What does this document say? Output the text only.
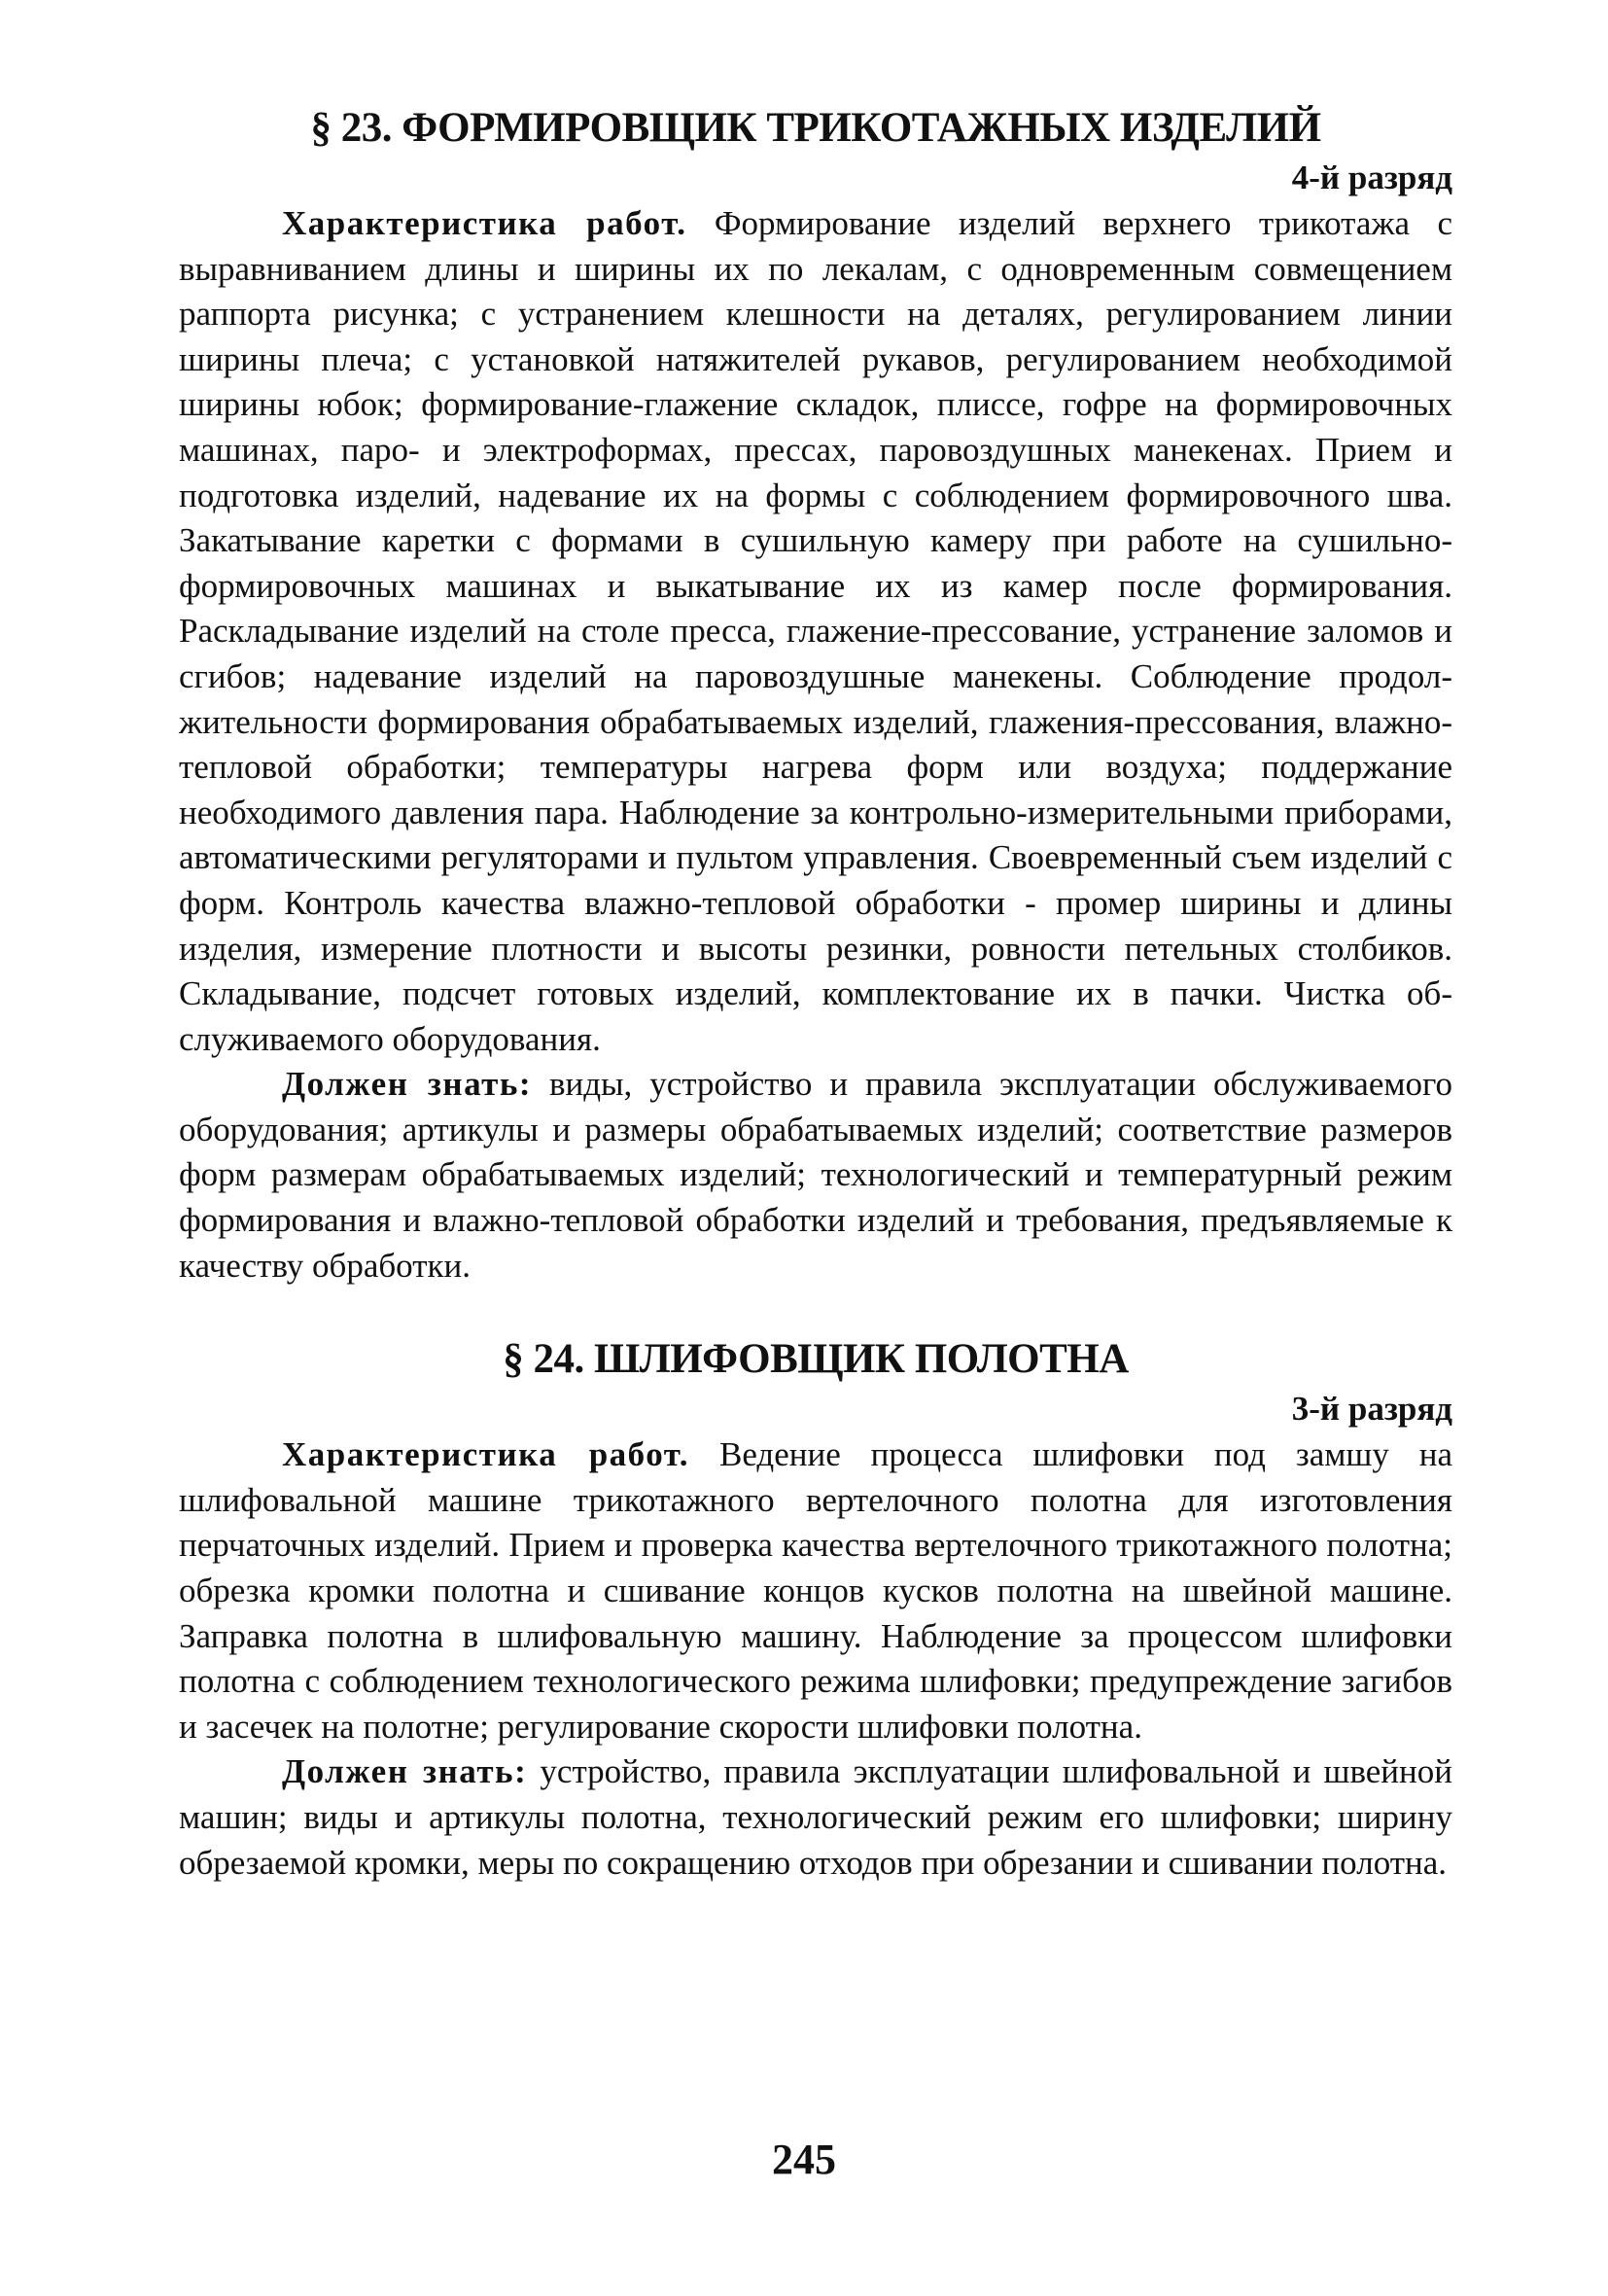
§ 23. ФОРМИРОВЩИК ТРИКОТАЖНЫХ ИЗДЕЛИЙ

4-й разряд

Характеристика работ. Формирование изделий верхнего трикотажа с выравниванием длины и ширины их по лекалам, с одновременным совмещением раппорта рисунка; с устранением клешности на деталях, регулированием линии ширины плеча; с установкой натяжителей рукавов, регулированием необходимой ширины юбок; формирование-глажение складок, плиссе, гофре на формировочных машинах, паро- и электроформах, прессах, паровоздушных манекенах. Прием и подготовка изделий, надевание их на формы с соблюдением формировочного шва. Закатывание каретки с формами в сушильную камеру при работе на сушильно-формировочных машинах и выкатывание их из камер после формирования. Раскладывание изделий на столе пресса, глажение-прессование, устранение заломов и сгибов; надевание изделий на паровоздушные манекены. Соблюдение продолжительности формирования обрабатываемых изделий, глажения-прессования, влажно-тепловой обработки; температуры нагрева форм или воздуха; поддержание необходимого давления пара. Наблюдение за контрольно-измерительными приборами, автоматическими регуляторами и пультом управления. Своевременный съем изделий с форм. Контроль качества влажно-тепловой обработки - промер ширины и длины изделия, измерение плотности и высоты резинки, ровности петельных столбиков. Складывание, подсчет готовых изделий, комплектование их в пачки. Чистка обслуживаемого оборудования.

Должен знать: виды, устройство и правила эксплуатации обслуживаемого оборудования; артикулы и размеры обрабатываемых изделий; соответствие размеров форм размерам обрабатываемых изделий; технологический и температурный режим формирования и влажно-тепловой обработки изделий и требования, предъявляемые к качеству обработки.

§ 24. ШЛИФОВЩИК ПОЛОТНА

3-й разряд

Характеристика работ. Ведение процесса шлифовки под замшу на шлифовальной машине трикотажного вертелочного полотна для изготовления перчаточных изделий. Прием и проверка качества вертелочного трикотажного полотна; обрезка кромки полотна и сшивание концов кусков полотна на швейной машине. Заправка полотна в шлифовальную машину. Наблюдение за процессом шлифовки полотна с соблюдением технологического режима шлифовки; предупреждение загибов и засечек на полотне; регулирование скорости шлифовки полотна.

Должен знать: устройство, правила эксплуатации шлифовальной и швейной машин; виды и артикулы полотна, технологический режим его шлифовки; ширину обрезаемой кромки, меры по сокращению отходов при обрезании и сшивании полотна.

245
